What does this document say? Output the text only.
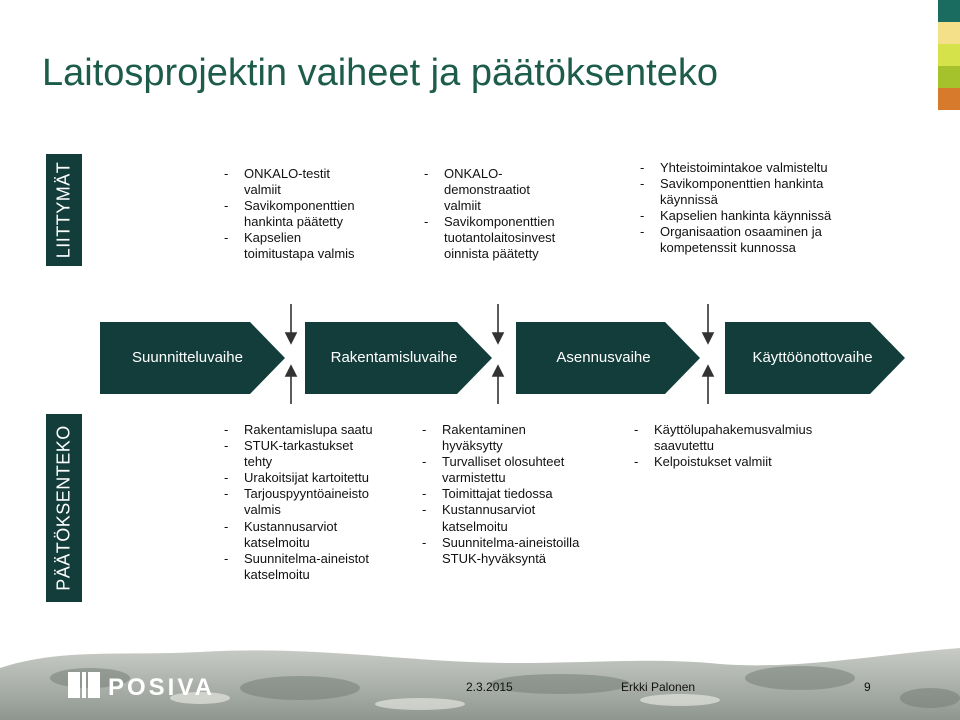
Laitosprojektin vaiheet ja päätöksenteko
LIITTYMÄT
PÄÄTÖKSENTEKO
- ONKALO-testit
valmiit
- Savikomponenttien
hankinta päätetty
- Kapselien
toimitustapa valmis
- ONKALO-
demonstraatiot
valmiit
- Savikomponenttien
tuotantolaitosinvest
oinnista päätetty
- Yhteistoimintakoe valmisteltu
- Savikomponenttien hankinta
käynnissä
- Kapselien hankinta käynnissä
- Organisaation osaaminen ja
kompetenssit kunnossa
Suunnitteluvaihe	Rakentamisluvaihe	Asennusvaihe	Käyttöönottovaihe
- Rakentamislupa saatu
- STUK-tarkastukset
tehty
- Urakoitsijat kartoitettu
- Tarjouspyyntöaineisto
valmis
- Kustannusarviot
katselmoitu
- Suunnitelma-aineistot
katselmoitu
- Rakentaminen
hyväksytty
- Turvalliset olosuhteet
varmistettu
- Toimittajat tiedossa
- Kustannusarviot
katselmoitu
- Suunnitelma-aineistoilla
STUK-hyväksyntä
- Käyttölupahakemusvalmius
saavutettu
- Kelpoistukset valmiit
POSIVA	2.3.2015	Erkki Palonen	9
